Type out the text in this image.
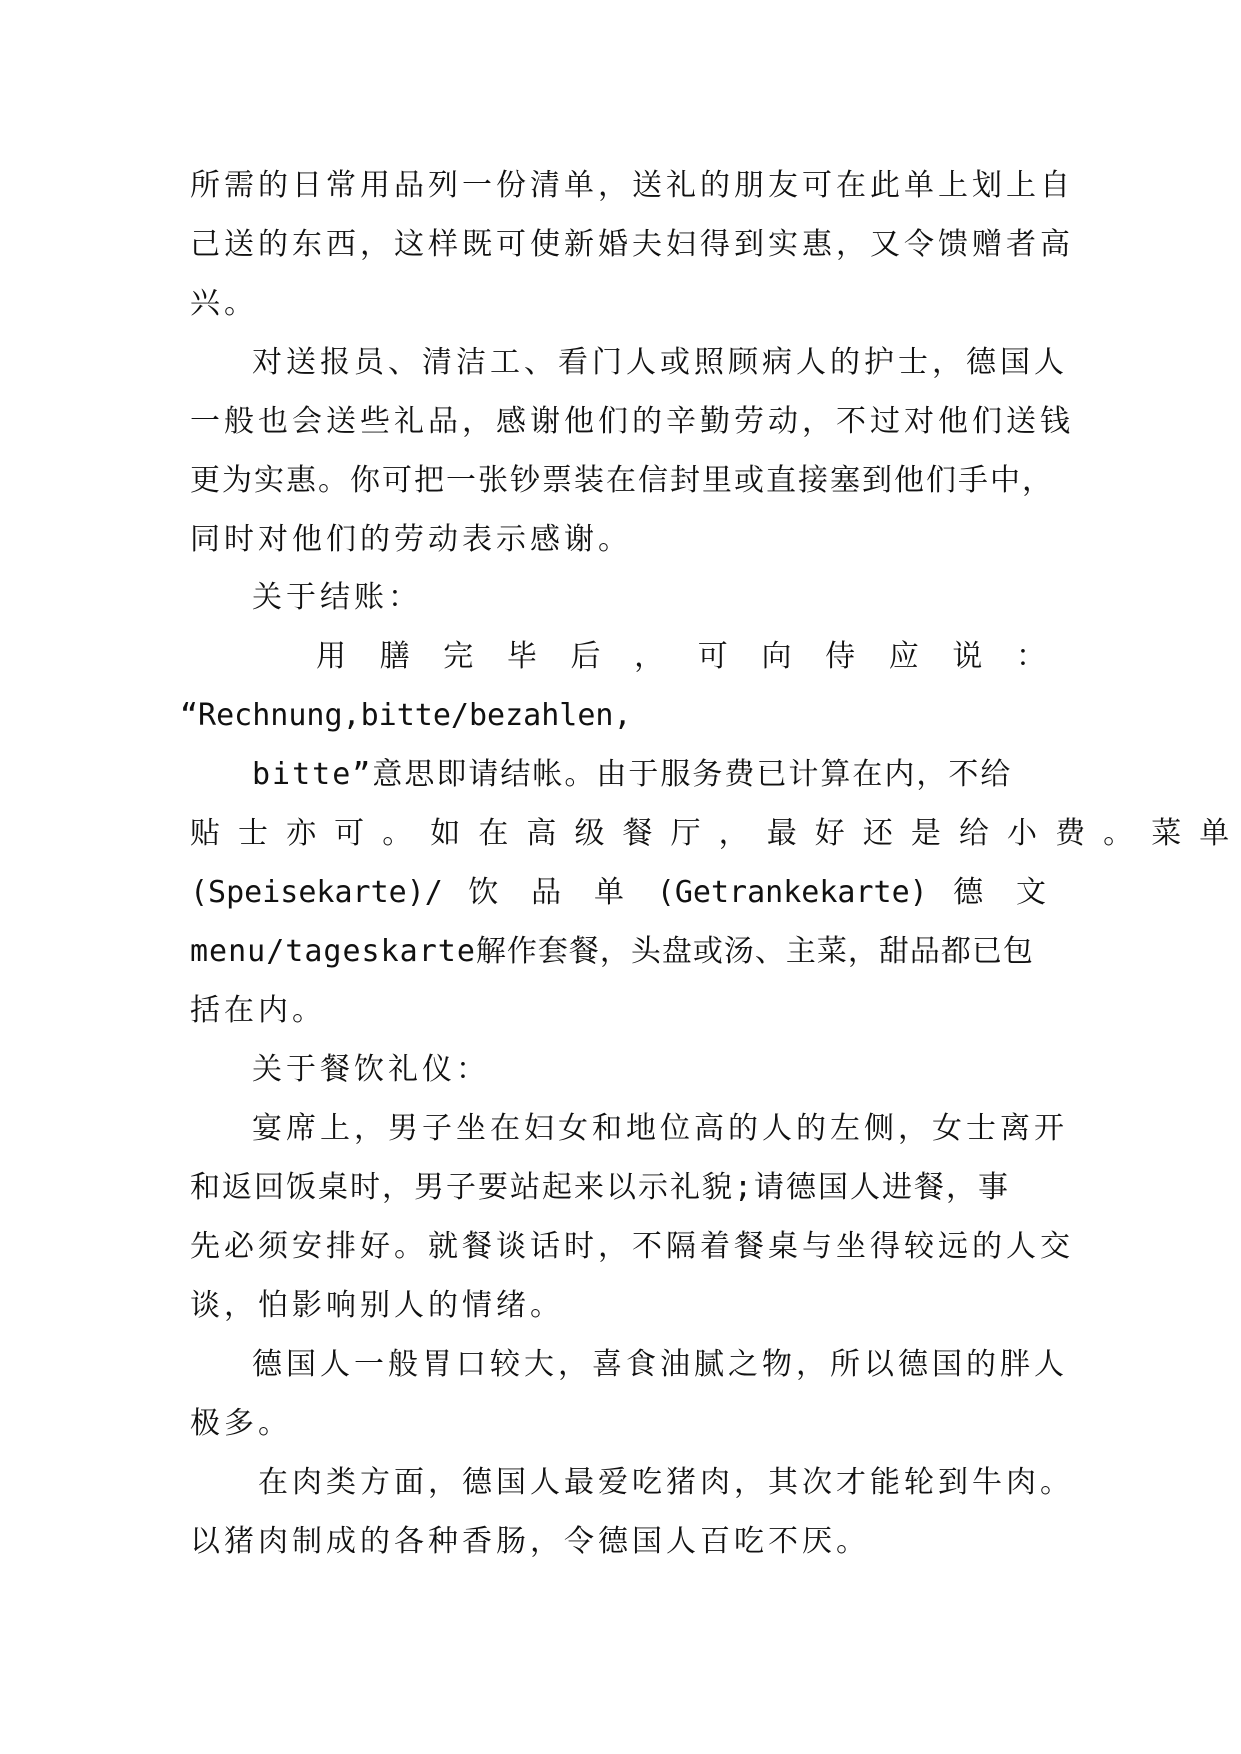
所需的日常用品列一份清单，送礼的朋友可在此单上划上自
己送的东西，这样既可使新婚夫妇得到实惠，又令馈赠者高
兴。
对送报员、清洁工、看门人或照顾病人的护士，德国人
一般也会送些礼品，感谢他们的辛勤劳动，不过对他们送钱
更为实惠。你可把一张钞票装在信封里或直接塞到他们手中，
同时对他们的劳动表示感谢。
关于结账：
用 膳 完 毕 后 ， 可 向 侍 应 说 ：
“Rechnung,bitte/bezahlen,
bitte”意思即请结帐。由于服务费已计算在内，不给
贴 士 亦 可 。 如 在 高 级 餐 厅 ， 最 好 还 是 给 小 费 。 菜 单
(Speisekarte)/ 饮 品 单 (Getrankekarte) 德 文
menu/tageskarte解作套餐，头盘或汤、主菜，甜品都已包
括在内。
关于餐饮礼仪：
宴席上，男子坐在妇女和地位高的人的左侧，女士离开
和返回饭桌时，男子要站起来以示礼貌;请德国人进餐，事
先必须安排好。就餐谈话时，不隔着餐桌与坐得较远的人交
谈，怕影响别人的情绪。
德国人一般胃口较大，喜食油腻之物，所以德国的胖人
极多。
在肉类方面，德国人最爱吃猪肉，其次才能轮到牛肉。
以猪肉制成的各种香肠，令德国人百吃不厌。
